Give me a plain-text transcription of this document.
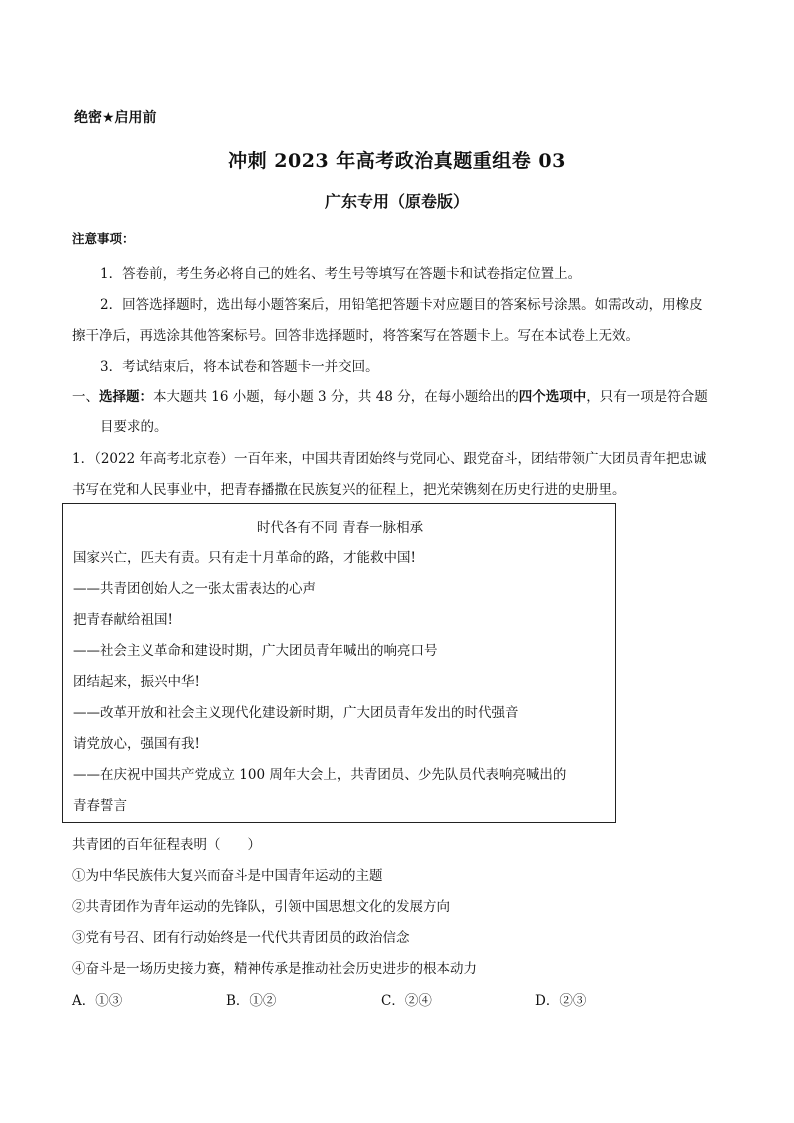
绝密★启用前
冲刺 2023 年高考政治真题重组卷 03
广东专用（原卷版）
注意事项：
1．答卷前，考生务必将自己的姓名、考生号等填写在答题卡和试卷指定位置上。
2．回答选择题时，选出每小题答案后，用铅笔把答题卡对应题目的答案标号涂黑。如需改动，用橡皮
擦干净后，再选涂其他答案标号。回答非选择题时，将答案写在答题卡上。写在本试卷上无效。
3．考试结束后，将本试卷和答题卡一并交回。
一、选择题：本大题共 16 小题，每小题 3 分，共 48 分，在每小题给出的四个选项中，只有一项是符合题
目要求的。
1．（2022 年高考北京卷）一百年来，中国共青团始终与党同心、跟党奋斗，团结带领广大团员青年把忠诚
书写在党和人民事业中，把青春播撒在民族复兴的征程上，把光荣镌刻在历史行进的史册里。
时代各有不同 青春一脉相承
国家兴亡，匹夫有责。只有走十月革命的路，才能救中国!
——共青团创始人之一张太雷表达的心声
把青春献给祖国!
——社会主义革命和建设时期，广大团员青年喊出的响亮口号
团结起来，振兴中华!
——改革开放和社会主义现代化建设新时期，广大团员青年发出的时代强音
请党放心，强国有我!
——在庆祝中国共产党成立 100 周年大会上，共青团员、少先队员代表响亮喊出的
青春誓言
共青团的百年征程表明（　　）
①为中华民族伟大复兴而奋斗是中国青年运动的主题
②共青团作为青年运动的先锋队，引领中国思想文化的发展方向
③党有号召、团有行动始终是一代代共青团员的政治信念
④奋斗是一场历史接力赛，精神传承是推动社会历史进步的根本动力
A．①③	B．①②	C．②④	D．②③
